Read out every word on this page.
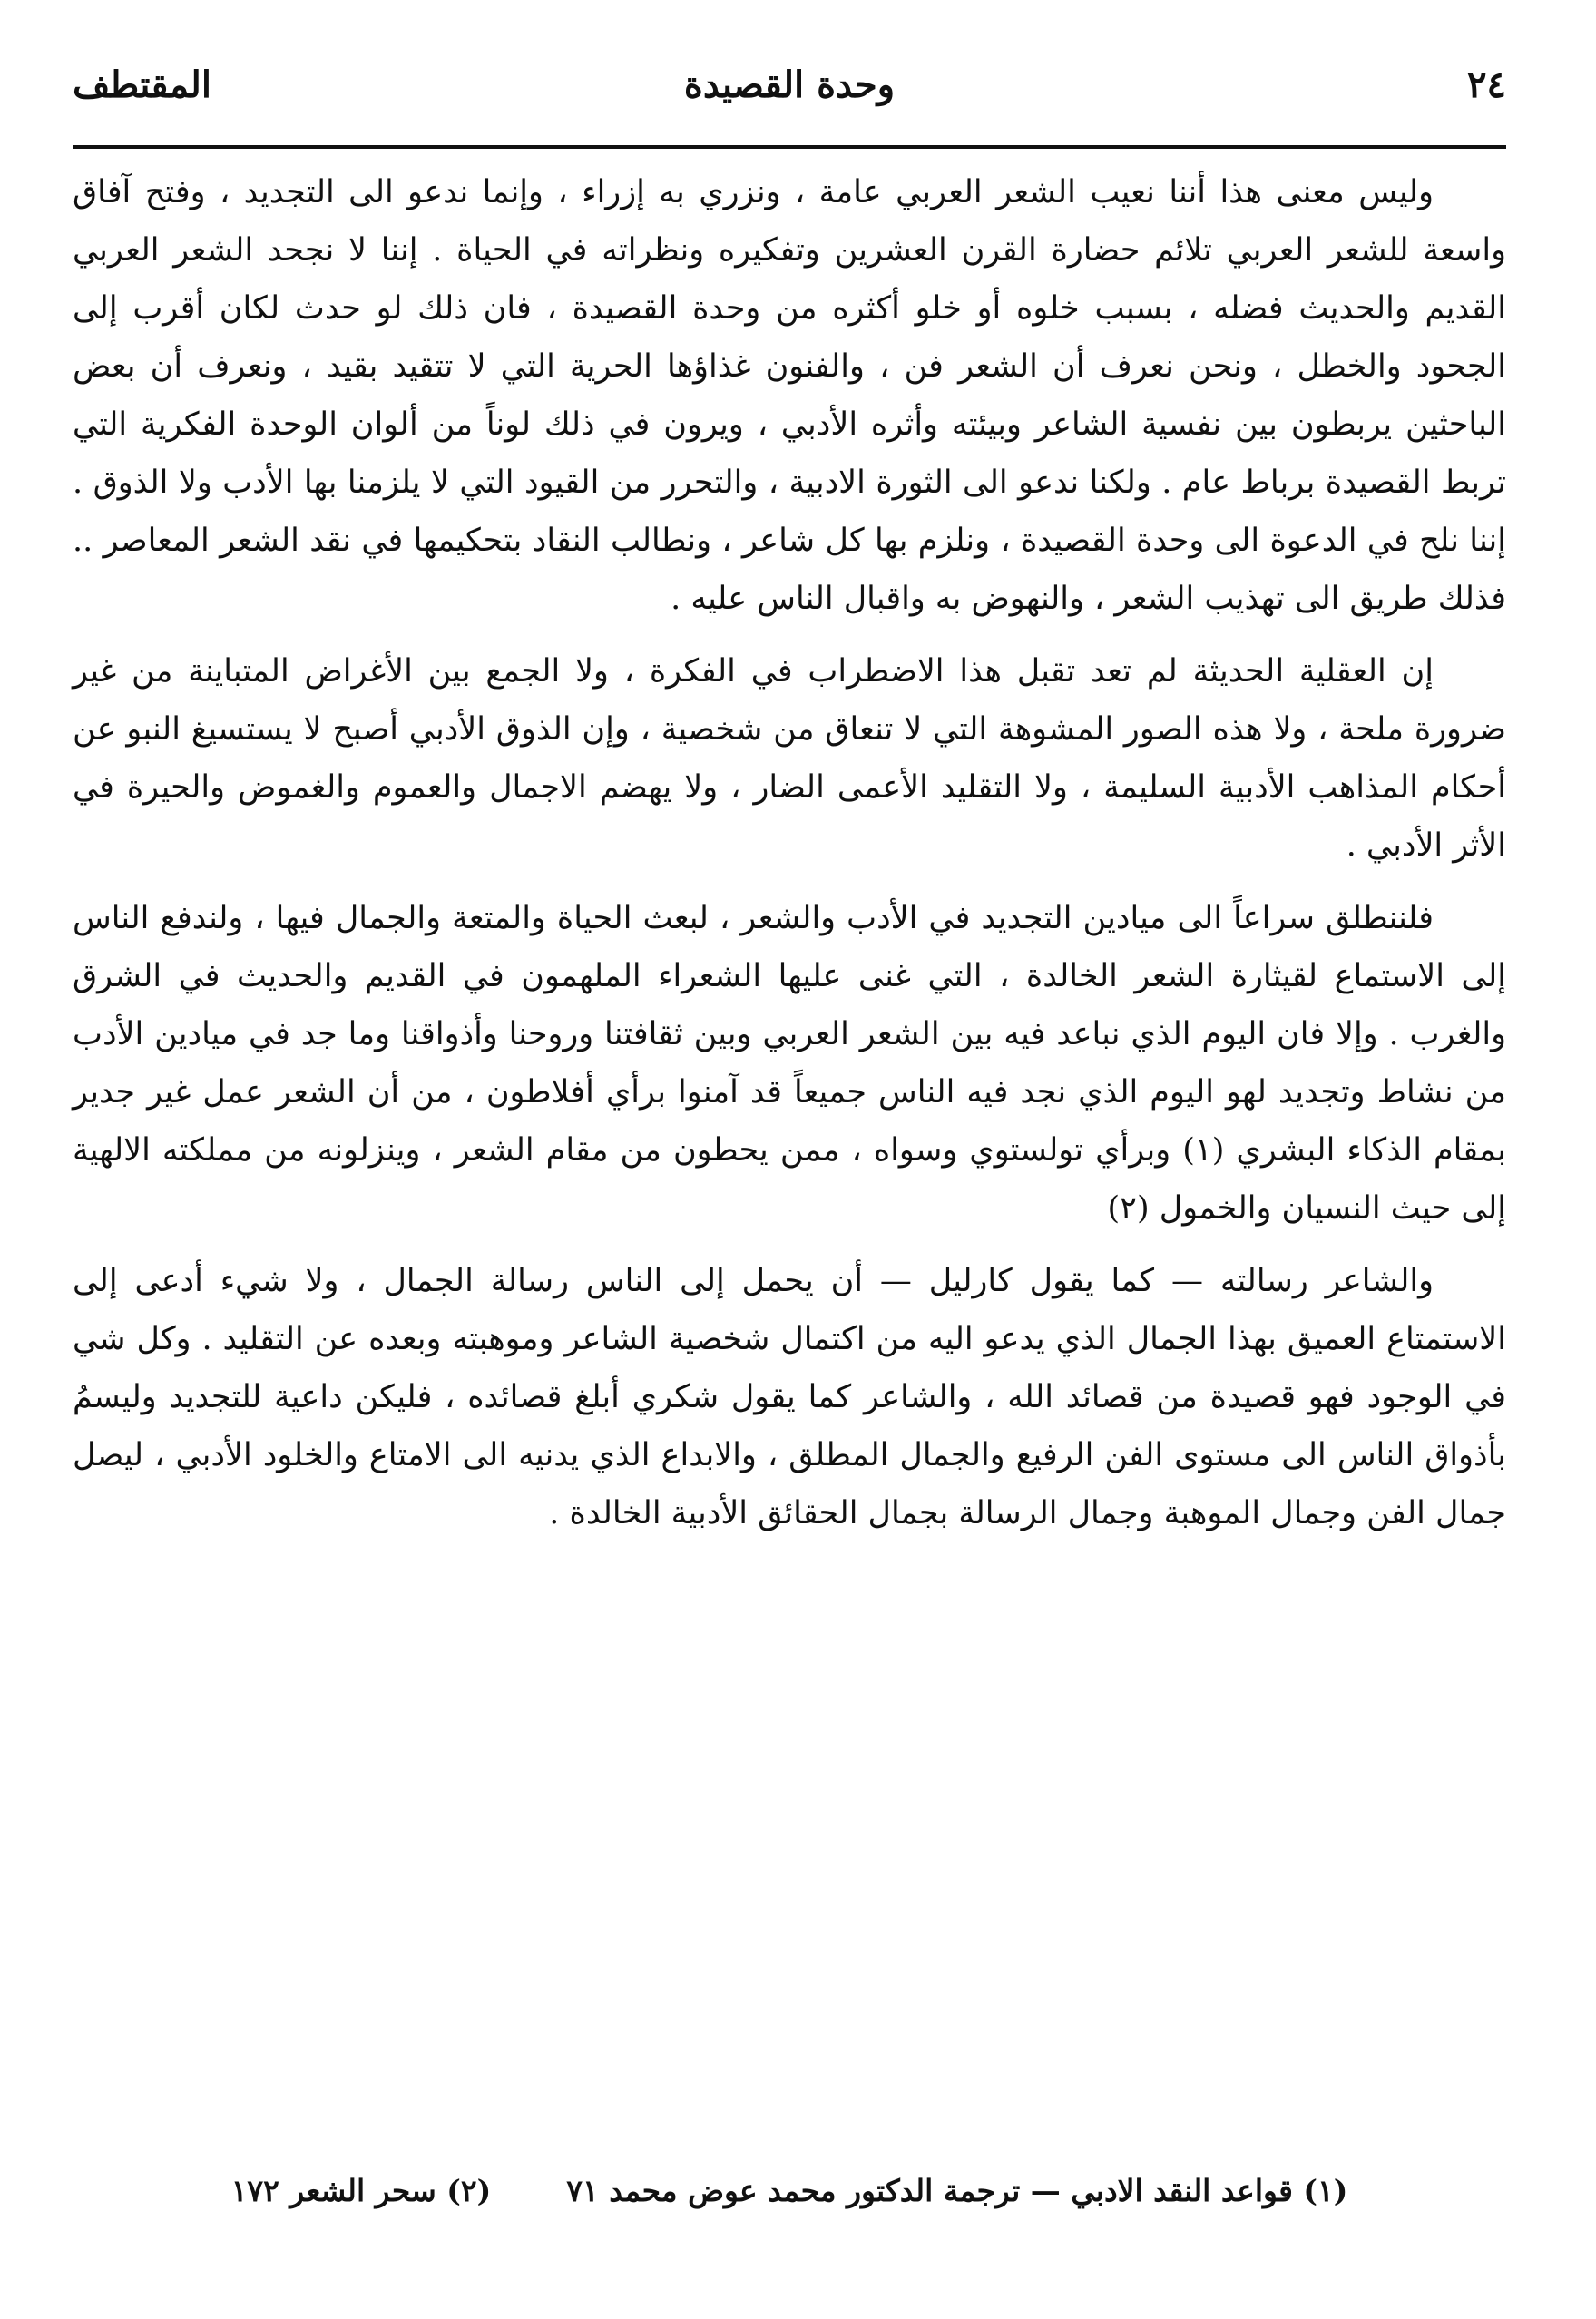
٢٤
وحدة القصيدة
المقتطف

وليس معنى هذا أننا نعيب الشعر العربي عامة ، ونزري به إزراء ، وإنما ندعو الى التجديد ، وفتح آفاق واسعة للشعر العربي تلائم حضارة القرن العشرين وتفكيره ونظراته في الحياة . إننا لا نجحد الشعر العربي القديم والحديث فضله ، بسبب خلوه أو خلو أكثره من وحدة القصيدة ، فان ذلك لو حدث لكان أقرب إلى الجحود والخطل ، ونحن نعرف أن الشعر فن ، والفنون غذاؤها الحرية التي لا تتقيد بقيد ، ونعرف أن بعض الباحثين يربطون بين نفسية الشاعر وبيئته وأثره الأدبي ، ويرون في ذلك لوناً من ألوان الوحدة الفكرية التي تربط القصيدة برباط عام . ولكنا ندعو الى الثورة الادبية ، والتحرر من القيود التي لا يلزمنا بها الأدب ولا الذوق . إننا نلح في الدعوة الى وحدة القصيدة ، ونلزم بها كل شاعر ، ونطالب النقاد بتحكيمها في نقد الشعر المعاصر .. فذلك طريق الى تهذيب الشعر ، والنهوض به واقبال الناس عليه .

إن العقلية الحديثة لم تعد تقبل هذا الاضطراب في الفكرة ، ولا الجمع بين الأغراض المتباينة من غير ضرورة ملحة ، ولا هذه الصور المشوهة التي لا تنعاق من شخصية ، وإن الذوق الأدبي أصبح لا يستسيغ النبو عن أحكام المذاهب الأدبية السليمة ، ولا التقليد الأعمى الضار ، ولا يهضم الاجمال والعموم والغموض والحيرة في الأثر الأدبي .

فلننطلق سراعاً الى ميادين التجديد في الأدب والشعر ، لبعث الحياة والمتعة والجمال فيها ، ولندفع الناس إلى الاستماع لقيثارة الشعر الخالدة ، التي غنى عليها الشعراء الملهمون في القديم والحديث في الشرق والغرب . وإلا فان اليوم الذي نباعد فيه بين الشعر العربي وبين ثقافتنا وروحنا وأذواقنا وما جد في ميادين الأدب من نشاط وتجديد لهو اليوم الذي نجد فيه الناس جميعاً قد آمنوا برأي أفلاطون ، من أن الشعر عمل غير جدير بمقام الذكاء البشري (١) وبرأي تولستوي وسواه ، ممن يحطون من مقام الشعر ، وينزلونه من مملكته الالهية إلى حيث النسيان والخمول (٢)

والشاعر رسالته — كما يقول كارليل — أن يحمل إلى الناس رسالة الجمال ، ولا شيء أدعى إلى الاستمتاع العميق بهذا الجمال الذي يدعو اليه من اكتمال شخصية الشاعر وموهبته وبعده عن التقليد . وكل شي في الوجود فهو قصيدة من قصائد الله ، والشاعر كما يقول شكري أبلغ قصائده ، فليكن داعية للتجديد وليسمُ بأذواق الناس الى مستوى الفن الرفيع والجمال المطلق ، والابداع الذي يدنيه الى الامتاع والخلود الأدبي ، ليصل جمال الفن وجمال الموهبة وجمال الرسالة بجمال الحقائق الأدبية الخالدة .

(١) قواعد النقد الادبي — ترجمة الدكتور محمد عوض محمد ٧١  (٢) سحر الشعر ١٧٢
